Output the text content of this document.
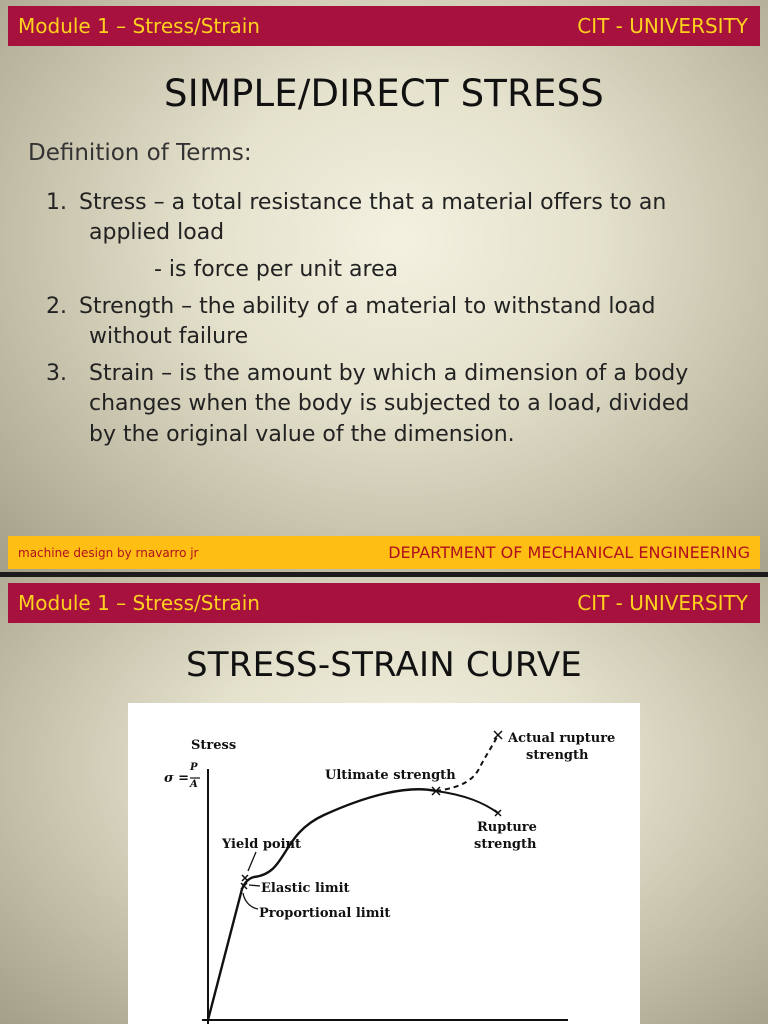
Module 1 – Stress/Strain	CIT - UNIVERSITY
SIMPLE/DIRECT STRESS
Definition of Terms:
1. Stress – a total resistance that a material offers to an
applied load
- is force per unit area
2. Strength – the ability of a material to withstand load
without failure
3. Strain – is the amount by which a dimension of a body
changes when the body is subjected to a load, divided
by the original value of the dimension.
machine design by rnavarro jr	DEPARTMENT OF MECHANICAL ENGINEERING
Module 1 – Stress/Strain	CIT - UNIVERSITY
STRESS-STRAIN CURVE
Stress
σ =
P
A
Yield point
Elastic limit
Proportional limit
Ultimate strength
Actual rupture
strength
Rupture
strength
